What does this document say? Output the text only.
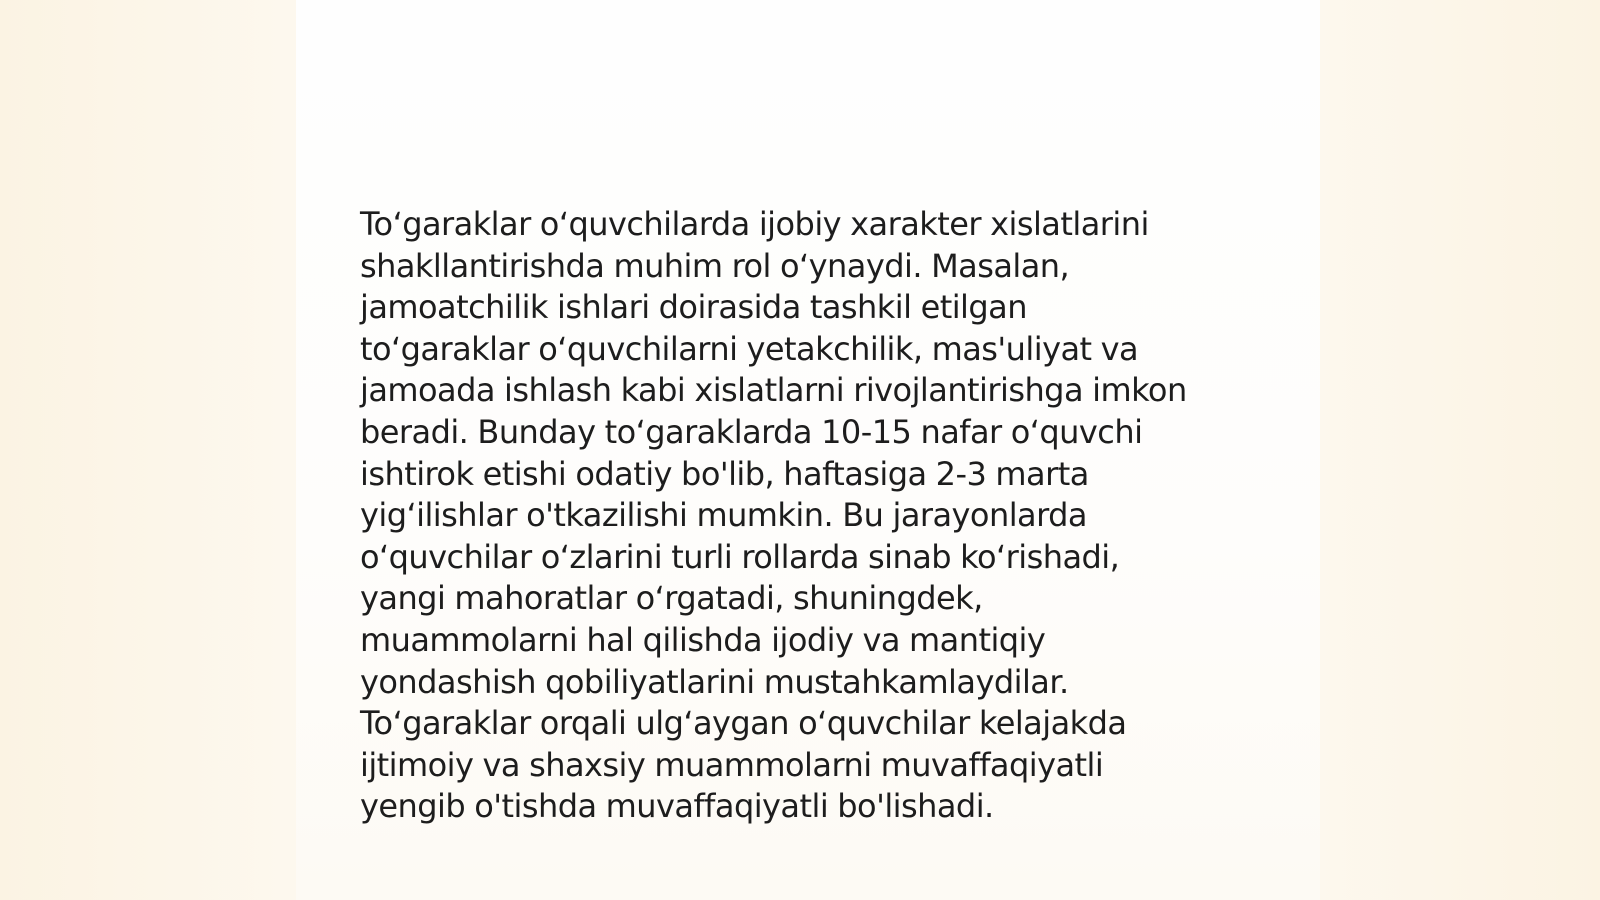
To‘garaklar o‘quvchilarda ijobiy xarakter xislatlarini
shakllantirishda muhim rol o‘ynaydi. Masalan,
jamoatchilik ishlari doirasida tashkil etilgan
to‘garaklar o‘quvchilarni yetakchilik, mas'uliyat va
jamoada ishlash kabi xislatlarni rivojlantirishga imkon
beradi. Bunday to‘garaklarda 10-15 nafar o‘quvchi
ishtirok etishi odatiy bo'lib, haftasiga 2-3 marta
yig‘ilishlar o'tkazilishi mumkin. Bu jarayonlarda
o‘quvchilar o‘zlarini turli rollarda sinab ko‘rishadi,
yangi mahoratlar o‘rgatadi, shuningdek,
muammolarni hal qilishda ijodiy va mantiqiy
yondashish qobiliyatlarini mustahkamlaydilar.
To‘garaklar orqali ulg‘aygan o‘quvchilar kelajakda
ijtimoiy va shaxsiy muammolarni muvaffaqiyatli
yengib o'tishda muvaffaqiyatli bo'lishadi.
